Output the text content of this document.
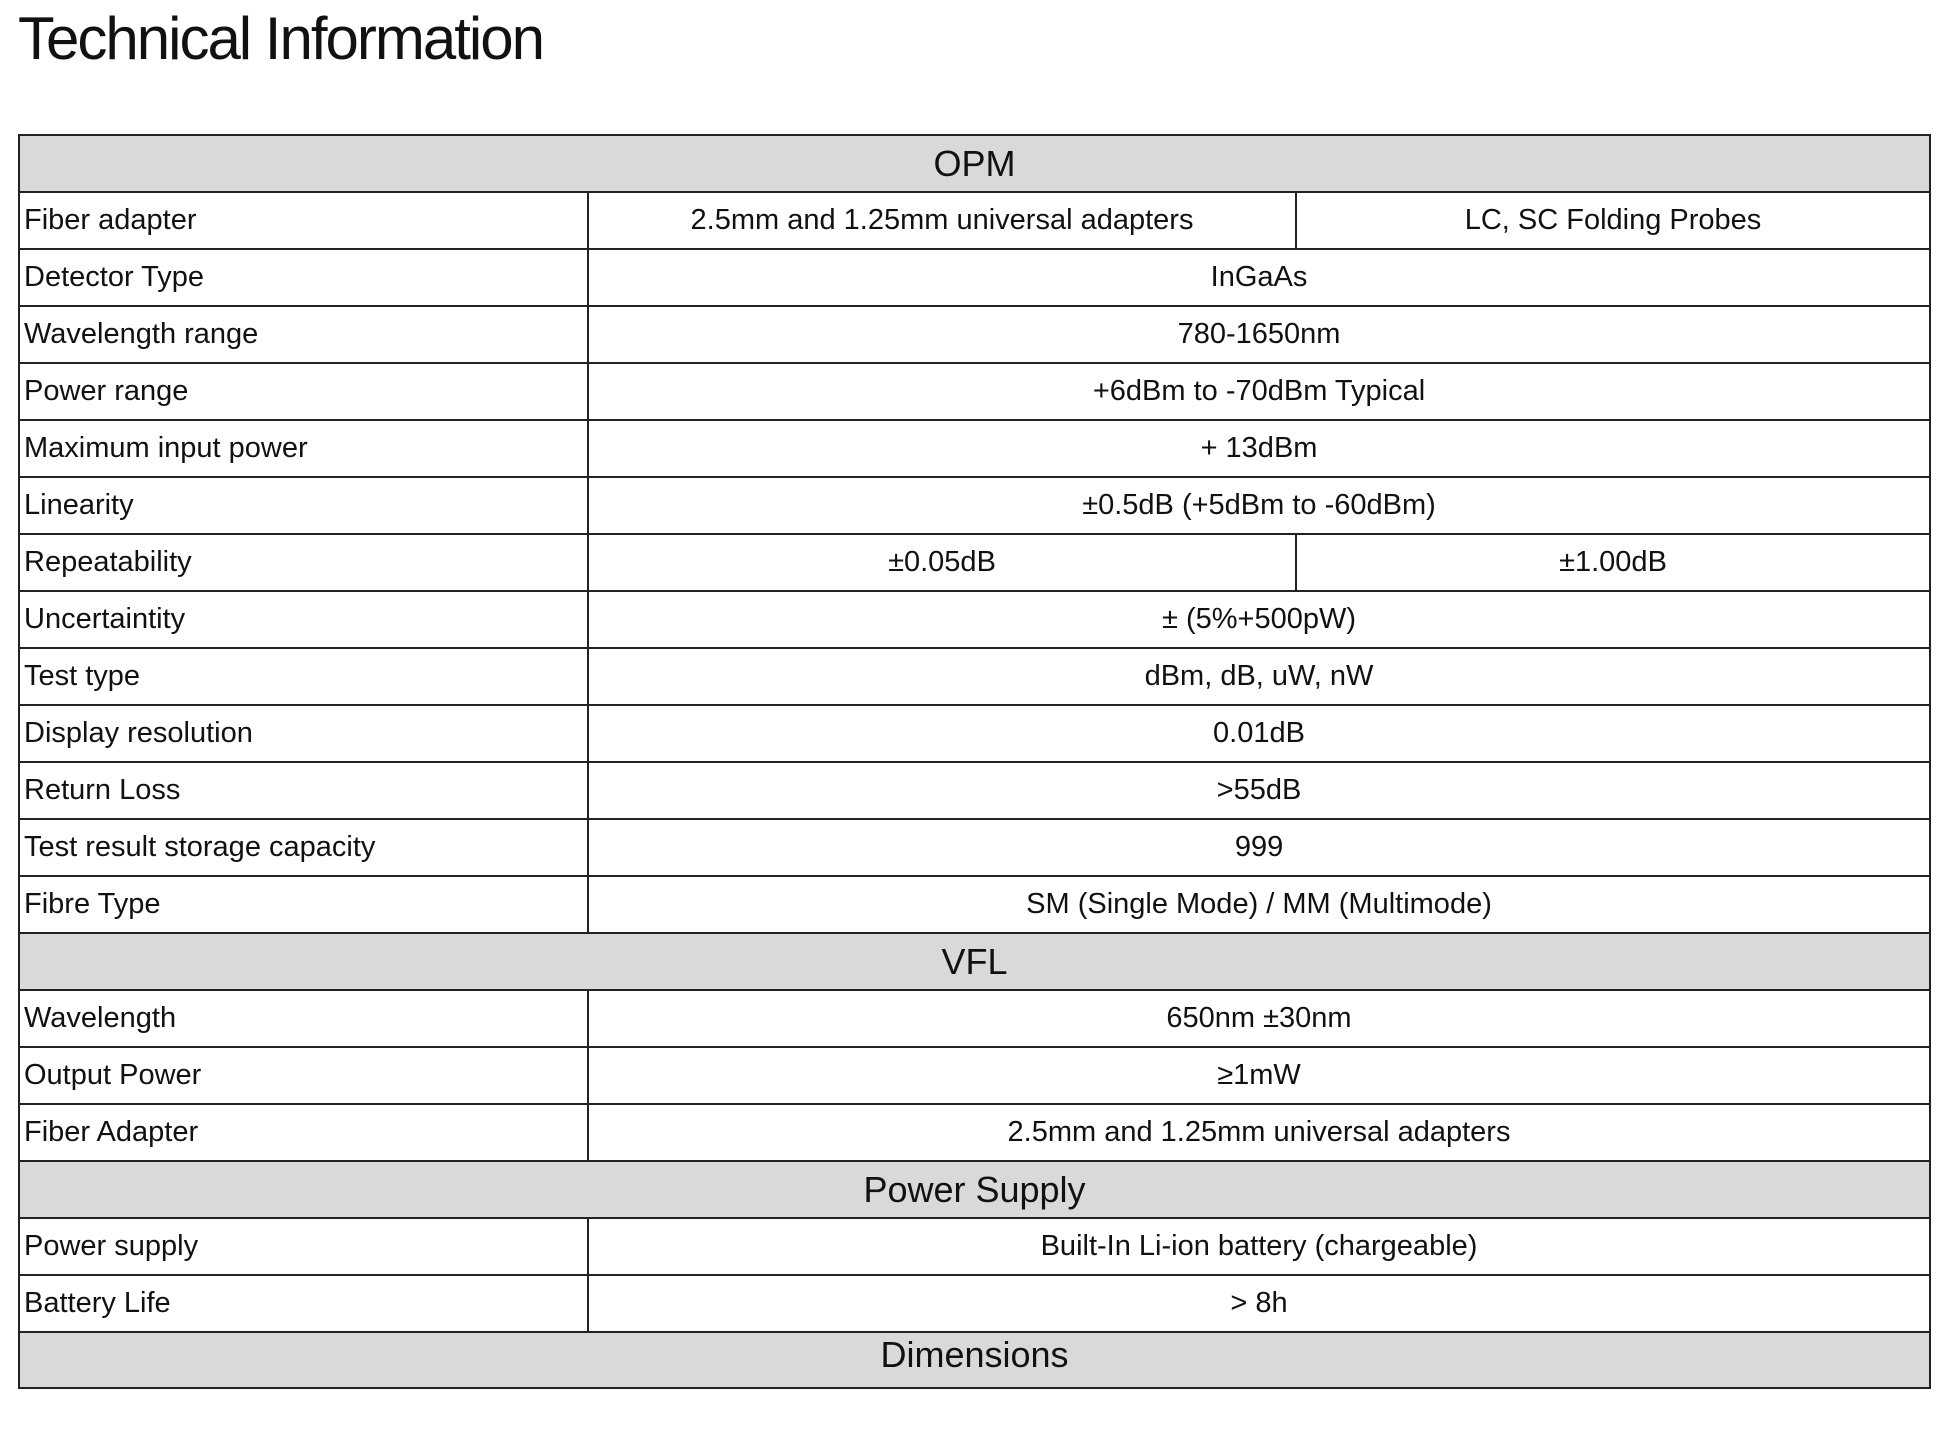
Technical Information
OPM		
Fiber adapter	2.5mm and 1.25mm universal adapters	LC, SC Folding Probes
Detector Type	InGaAs	
Wavelength range	780-1650nm	
Power range	+6dBm to -70dBm Typical	
Maximum input power	+ 13dBm	
Linearity	±0.5dB (+5dBm to -60dBm)	
Repeatability	±0.05dB	±1.00dB
Uncertaintity	± (5%+500pW)	
Test type	dBm, dB, uW, nW	
Display resolution	0.01dB	
Return Loss	>55dB	
Test result storage capacity	999	
Fibre Type	SM (Single Mode) / MM (Multimode)	
VFL		
Wavelength	650nm ±30nm	
Output Power	≥1mW	
Fiber Adapter	2.5mm and 1.25mm universal adapters	
Power Supply		
Power supply	Built-In Li-ion battery (chargeable)	
Battery Life	> 8h	
Dimensions		
